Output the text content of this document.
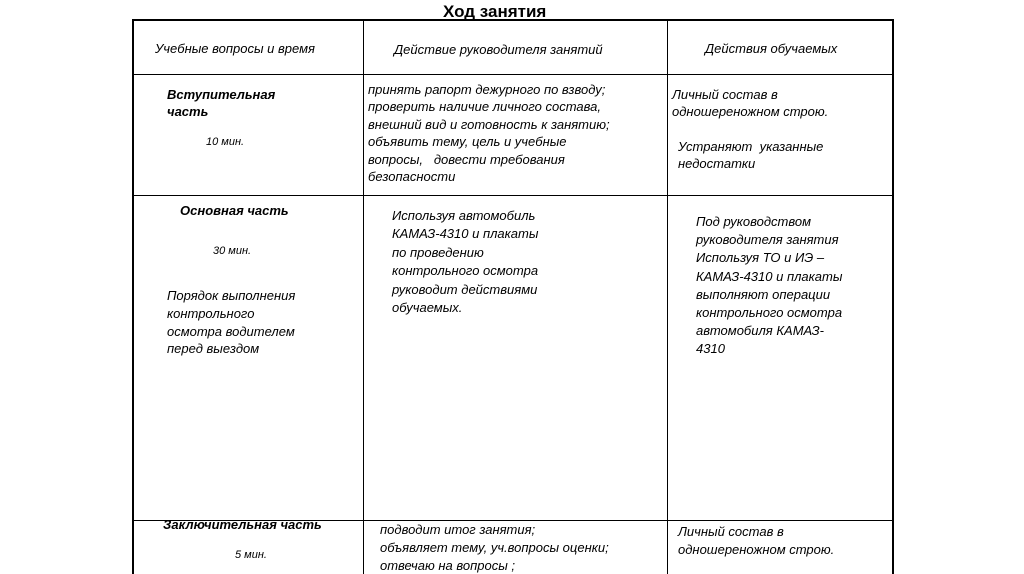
Ход занятия
Учебные вопросы и время	Действие руководителя занятий	Действия обучаемых
Вступительная
часть
10 мин.
принять рапорт дежурного по взводу;
проверить наличие личного состава,
внешний вид и готовность к занятию;
объявить тему, цель и учебные
вопросы,   довести требования
безопасности
Личный состав в
одношереножном строю.
Устраняют  указанные
недостатки
Основная часть
30 мин.
Порядок выполнения
контрольного
осмотра водителем
перед выездом
Используя автомобиль
КАМАЗ-4310 и плакаты
по проведению
контрольного осмотра
руководит действиями
обучаемых.
Под руководством
руководителя занятия
Используя ТО и ИЭ –
КАМАЗ-4310 и плакаты
выполняют операции
контрольного осмотра
автомобиля КАМАЗ-
4310
Заключительная часть
5 мин.
подводит итог занятия;
объявляет тему, уч.вопросы оценки;
отвечаю на вопросы ;
Личный состав в
одношереножном строю.
